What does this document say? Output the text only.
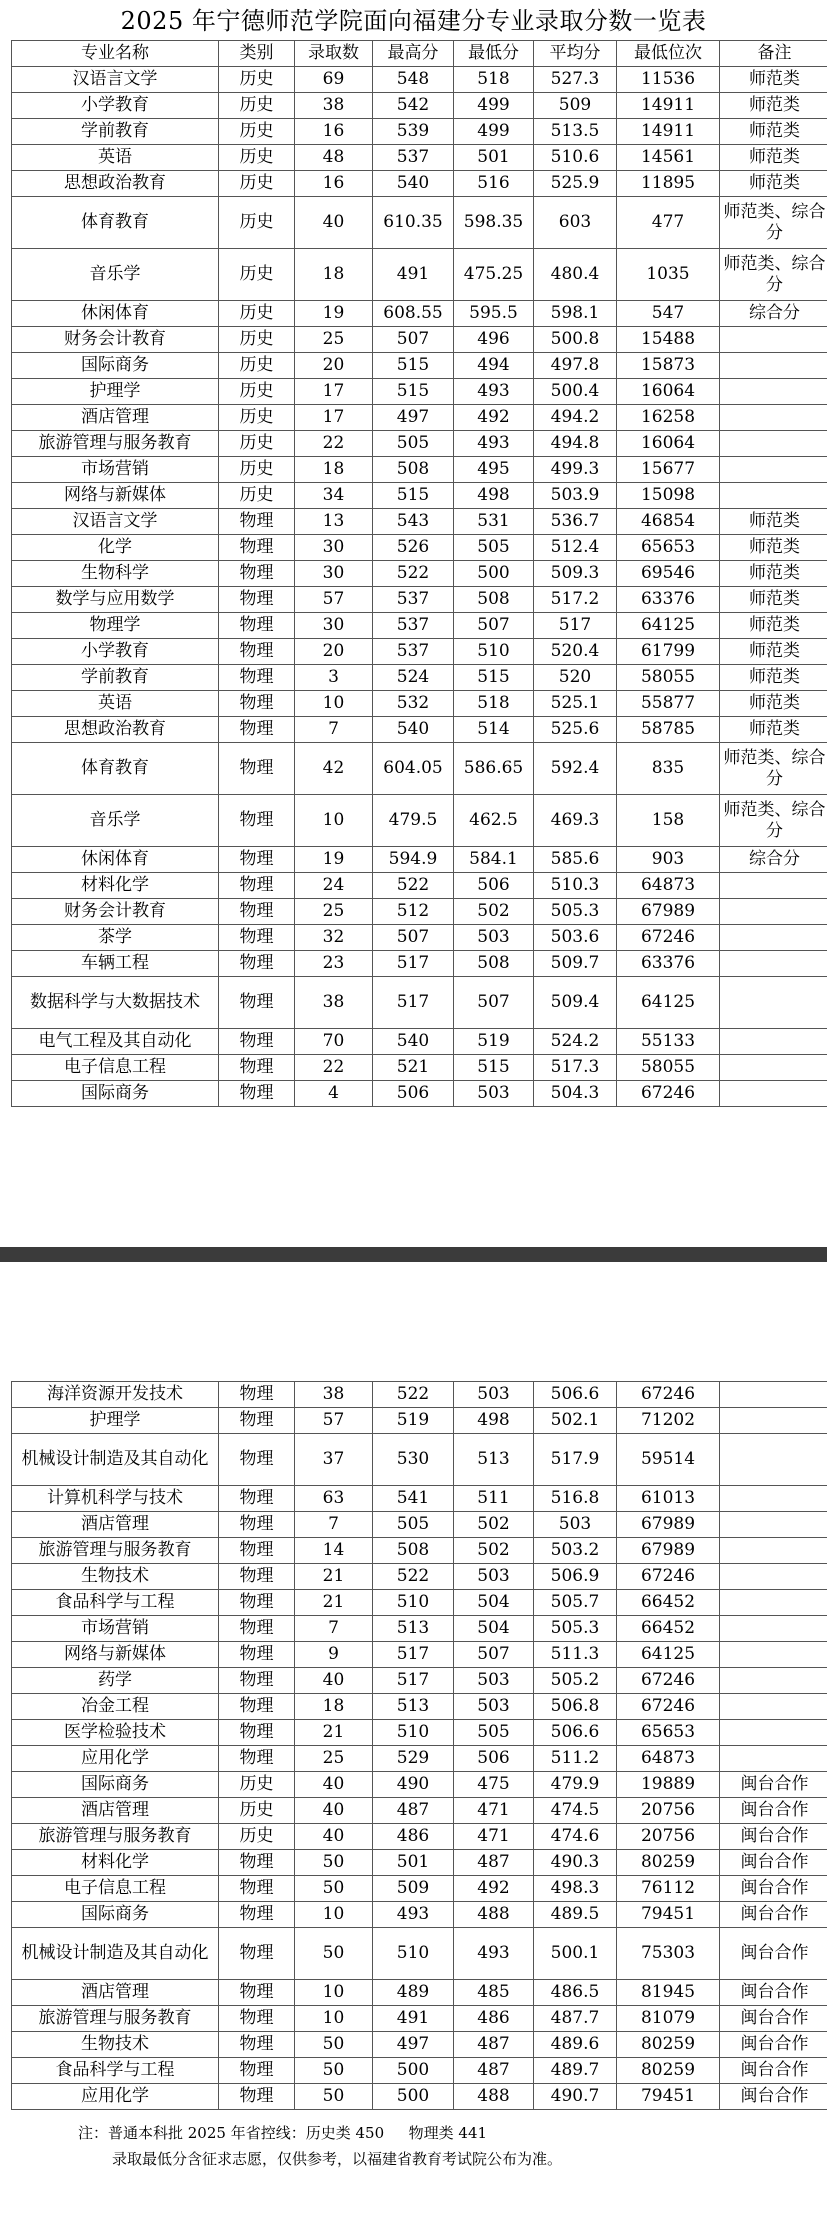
2025 年宁德师范学院面向福建分专业录取分数一览表
专业名称	类别	录取数	最高分	最低分	平均分	最低位次	备注
汉语言文学	历史	69	548	518	527.3	11536	师范类
小学教育	历史	38	542	499	509	14911	师范类
学前教育	历史	16	539	499	513.5	14911	师范类
英语	历史	48	537	501	510.6	14561	师范类
思想政治教育	历史	16	540	516	525.9	11895	师范类
体育教育	历史	40	610.35	598.35	603	477	师范类、综合分
音乐学	历史	18	491	475.25	480.4	1035	师范类、综合分
休闲体育	历史	19	608.55	595.5	598.1	547	综合分
财务会计教育	历史	25	507	496	500.8	15488	
国际商务	历史	20	515	494	497.8	15873	
护理学	历史	17	515	493	500.4	16064	
酒店管理	历史	17	497	492	494.2	16258	
旅游管理与服务教育	历史	22	505	493	494.8	16064	
市场营销	历史	18	508	495	499.3	15677	
网络与新媒体	历史	34	515	498	503.9	15098	
汉语言文学	物理	13	543	531	536.7	46854	师范类
化学	物理	30	526	505	512.4	65653	师范类
生物科学	物理	30	522	500	509.3	69546	师范类
数学与应用数学	物理	57	537	508	517.2	63376	师范类
物理学	物理	30	537	507	517	64125	师范类
小学教育	物理	20	537	510	520.4	61799	师范类
学前教育	物理	3	524	515	520	58055	师范类
英语	物理	10	532	518	525.1	55877	师范类
思想政治教育	物理	7	540	514	525.6	58785	师范类
体育教育	物理	42	604.05	586.65	592.4	835	师范类、综合分
音乐学	物理	10	479.5	462.5	469.3	158	师范类、综合分
休闲体育	物理	19	594.9	584.1	585.6	903	综合分
材料化学	物理	24	522	506	510.3	64873	
财务会计教育	物理	25	512	502	505.3	67989	
茶学	物理	32	507	503	503.6	67246	
车辆工程	物理	23	517	508	509.7	63376	
数据科学与大数据技术	物理	38	517	507	509.4	64125	
电气工程及其自动化	物理	70	540	519	524.2	55133	
电子信息工程	物理	22	521	515	517.3	58055	
国际商务	物理	4	506	503	504.3	67246	
海洋资源开发技术	物理	38	522	503	506.6	67246	
护理学	物理	57	519	498	502.1	71202	
机械设计制造及其自动化	物理	37	530	513	517.9	59514	
计算机科学与技术	物理	63	541	511	516.8	61013	
酒店管理	物理	7	505	502	503	67989	
旅游管理与服务教育	物理	14	508	502	503.2	67989	
生物技术	物理	21	522	503	506.9	67246	
食品科学与工程	物理	21	510	504	505.7	66452	
市场营销	物理	7	513	504	505.3	66452	
网络与新媒体	物理	9	517	507	511.3	64125	
药学	物理	40	517	503	505.2	67246	
冶金工程	物理	18	513	503	506.8	67246	
医学检验技术	物理	21	510	505	506.6	65653	
应用化学	物理	25	529	506	511.2	64873	
国际商务	历史	40	490	475	479.9	19889	闽台合作
酒店管理	历史	40	487	471	474.5	20756	闽台合作
旅游管理与服务教育	历史	40	486	471	474.6	20756	闽台合作
材料化学	物理	50	501	487	490.3	80259	闽台合作
电子信息工程	物理	50	509	492	498.3	76112	闽台合作
国际商务	物理	10	493	488	489.5	79451	闽台合作
机械设计制造及其自动化	物理	50	510	493	500.1	75303	闽台合作
酒店管理	物理	10	489	485	486.5	81945	闽台合作
旅游管理与服务教育	物理	10	491	486	487.7	81079	闽台合作
生物技术	物理	50	497	487	489.6	80259	闽台合作
食品科学与工程	物理	50	500	487	489.7	80259	闽台合作
应用化学	物理	50	500	488	490.7	79451	闽台合作
注：普通本科批 2025 年省控线：历史类 450 　 物理类 441
录取最低分含征求志愿，仅供参考，以福建省教育考试院公布为准。
